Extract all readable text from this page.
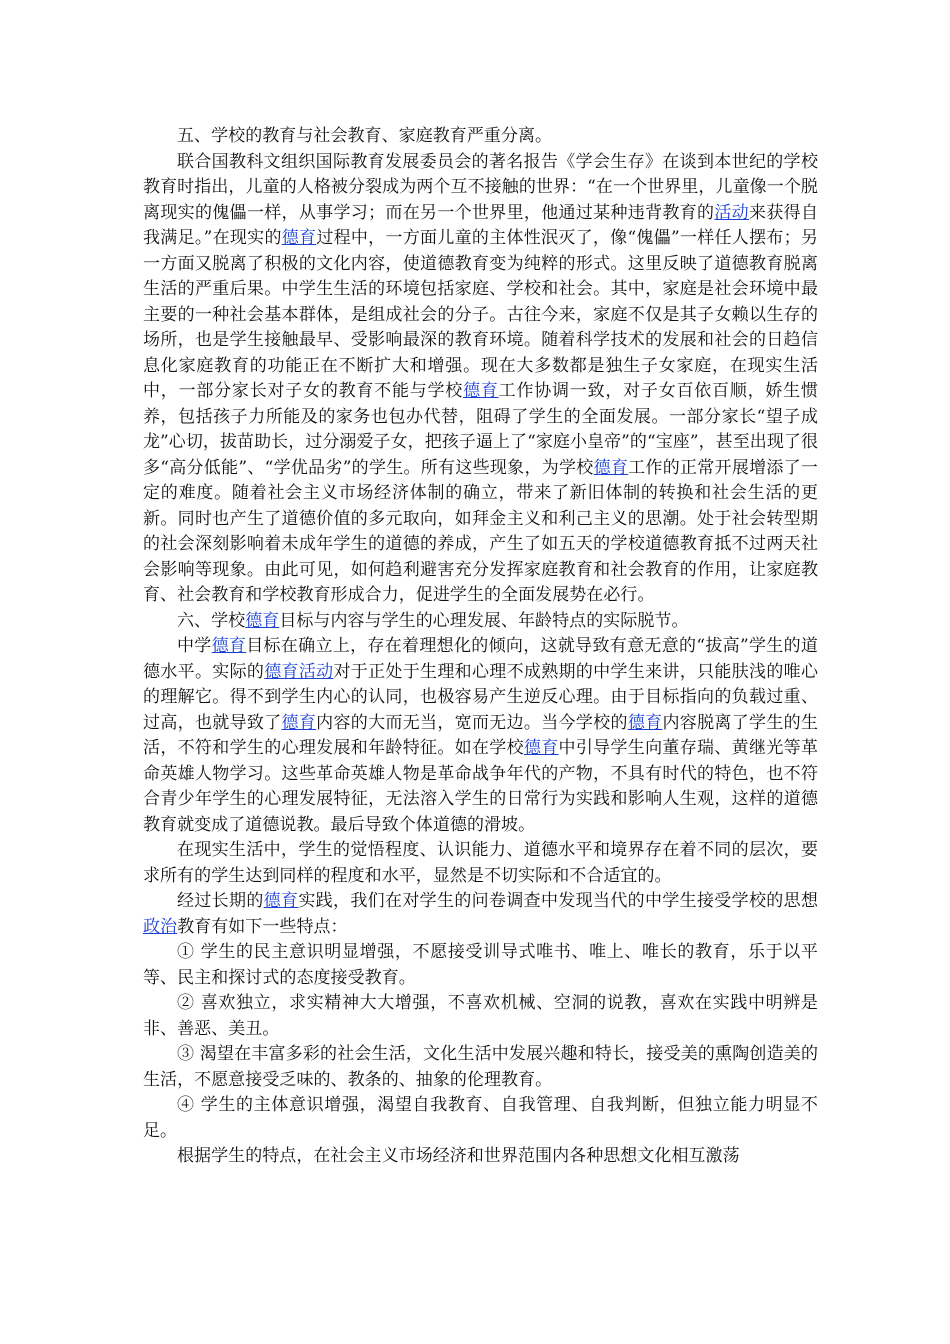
五、学校的教育与社会教育、家庭教育严重分离。

联合国教科文组织国际教育发展委员会的著名报告《学会生存》在谈到本世纪的学校教育时指出，儿童的人格被分裂成为两个互不接触的世界：“在一个世界里，儿童像一个脱离现实的傀儡一样，从事学习；而在另一个世界里，他通过某种违背教育的活动来获得自我满足。”在现实的德育过程中，一方面儿童的主体性泯灭了，像“傀儡”一样任人摆布；另一方面又脱离了积极的文化内容，使道德教育变为纯粹的形式。这里反映了道德教育脱离生活的严重后果。中学生生活的环境包括家庭、学校和社会。其中，家庭是社会环境中最主要的一种社会基本群体，是组成社会的分子。古往今来，家庭不仅是其子女赖以生存的场所，也是学生接触最早、受影响最深的教育环境。随着科学技术的发展和社会的日趋信息化家庭教育的功能正在不断扩大和增强。现在大多数都是独生子女家庭，在现实生活中，一部分家长对子女的教育不能与学校德育工作协调一致，对子女百依百顺，娇生惯养，包括孩子力所能及的家务也包办代替，阻碍了学生的全面发展。一部分家长“望子成龙”心切，拔苗助长，过分溺爱子女，把孩子逼上了“家庭小皇帝”的“宝座”，甚至出现了很多“高分低能”、“学优品劣”的学生。所有这些现象，为学校德育工作的正常开展增添了一定的难度。随着社会主义市场经济体制的确立，带来了新旧体制的转换和社会生活的更新。同时也产生了道德价值的多元取向，如拜金主义和利己主义的思潮。处于社会转型期的社会深刻影响着未成年学生的道德的养成，产生了如五天的学校道德教育抵不过两天社会影响等现象。由此可见，如何趋利避害充分发挥家庭教育和社会教育的作用，让家庭教育、社会教育和学校教育形成合力，促进学生的全面发展势在必行。

六、学校德育目标与内容与学生的心理发展、年龄特点的实际脱节。

中学德育目标在确立上，存在着理想化的倾向，这就导致有意无意的“拔高”学生的道德水平。实际的德育活动对于正处于生理和心理不成熟期的中学生来讲，只能肤浅的唯心的理解它。得不到学生内心的认同，也极容易产生逆反心理。由于目标指向的负载过重、过高，也就导致了德育内容的大而无当，宽而无边。当今学校的德育内容脱离了学生的生活，不符和学生的心理发展和年龄特征。如在学校德育中引导学生向董存瑞、黄继光等革命英雄人物学习。这些革命英雄人物是革命战争年代的产物，不具有时代的特色，也不符合青少年学生的心理发展特征，无法溶入学生的日常行为实践和影响人生观，这样的道德教育就变成了道德说教。最后导致个体道德的滑坡。

在现实生活中，学生的觉悟程度、认识能力、道德水平和境界存在着不同的层次，要求所有的学生达到同样的程度和水平，显然是不切实际和不合适宜的。

经过长期的德育实践，我们在对学生的问卷调查中发现当代的中学生接受学校的思想政治教育有如下一些特点：

① 学生的民主意识明显增强，不愿接受训导式唯书、唯上、唯长的教育，乐于以平等、民主和探讨式的态度接受教育。

② 喜欢独立，求实精神大大增强，不喜欢机械、空洞的说教，喜欢在实践中明辨是非、善恶、美丑。

③ 渴望在丰富多彩的社会生活，文化生活中发展兴趣和特长，接受美的熏陶创造美的生活，不愿意接受乏味的、教条的、抽象的伦理教育。

④ 学生的主体意识增强，渴望自我教育、自我管理、自我判断，但独立能力明显不足。

根据学生的特点，在社会主义市场经济和世界范围内各种思想文化相互激荡
